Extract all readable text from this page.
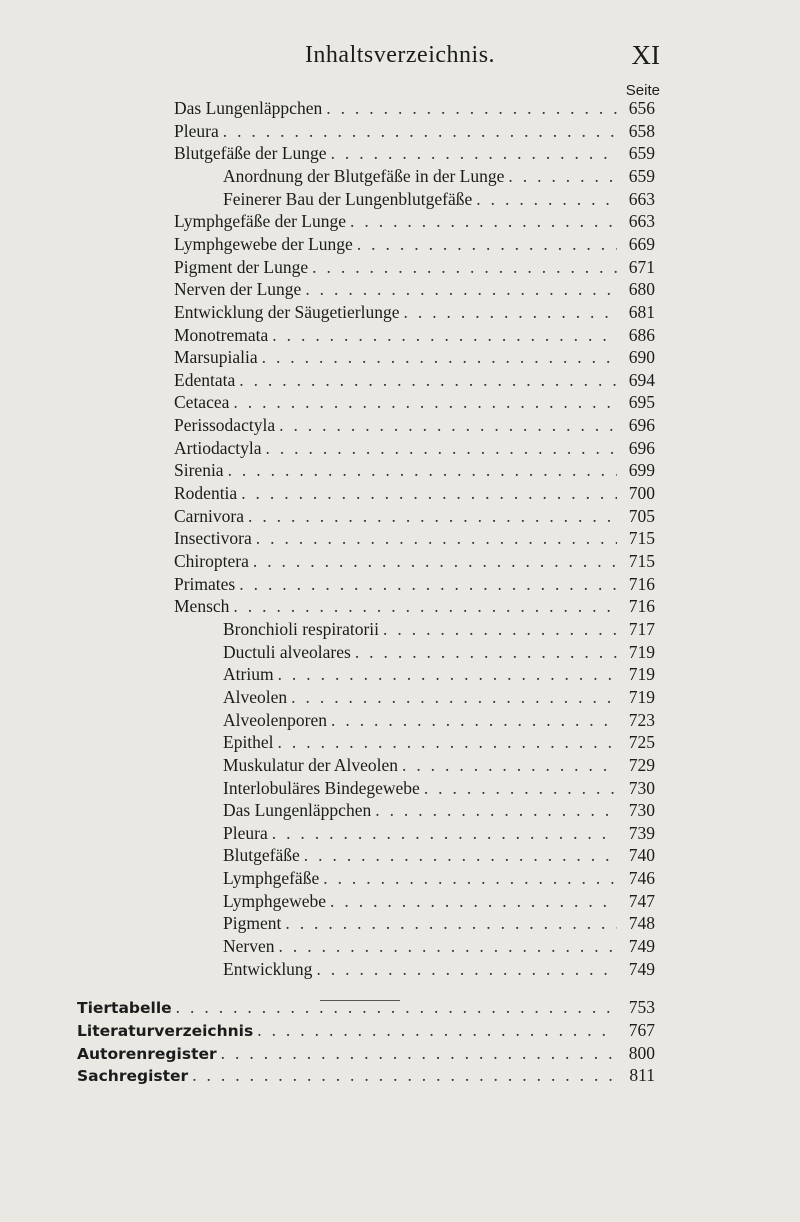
Inhaltsverzeichnis.	XI
Seite
Das Lungenläppchen . . .	656
Pleura . . .	658
Blutgefäße der Lunge . . .	659
Anordnung der Blutgefäße in der Lunge . . .	659
Feinerer Bau der Lungenblutgefäße . . .	663
Lymphgefäße der Lunge . . .	663
Lymphgewebe der Lunge . . .	669
Pigment der Lunge . . .	671
Nerven der Lunge . . .	680
Entwicklung der Säugetierlunge . . .	681
Monotremata . . .	686
Marsupialia . . .	690
Edentata . . .	694
Cetacea . . .	695
Perissodactyla . . .	696
Artiodactyla . . .	696
Sirenia . . .	699
Rodentia . . .	700
Carnivora . . .	705
Insectivora . . .	715
Chiroptera . . .	715
Primates . . .	716
Mensch . . .	716
Bronchioli respiratorii . . .	717
Ductuli alveolares . . .	719
Atrium . . .	719
Alveolen . . .	719
Alveolenporen . . .	723
Epithel . . .	725
Muskulatur der Alveolen . . .	729
Interlobuläres Bindegewebe . . .	730
Das Lungenläppchen . . .	730
Pleura . . .	739
Blutgefäße . . .	740
Lymphgefäße . . .	746
Lymphgewebe . . .	747
Pigment . . .	748
Nerven . . .	749
Entwicklung . . .	749
Tiertabelle . . .	753
Literaturverzeichnis . . .	767
Autorenregister . . .	800
Sachregister . . .	811
